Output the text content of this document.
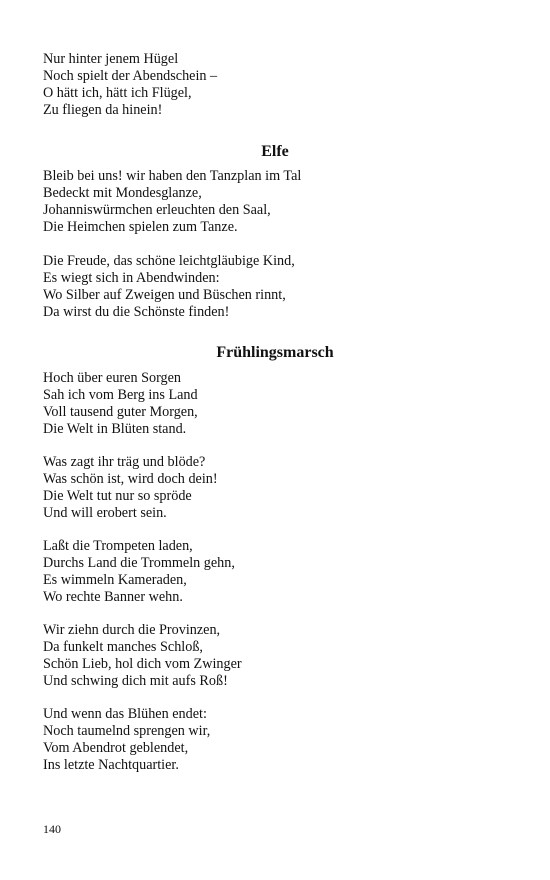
Nur hinter jenem Hügel
Noch spielt der Abendschein –
O hätt ich, hätt ich Flügel,
Zu fliegen da hinein!
Elfe
Bleib bei uns! wir haben den Tanzplan im Tal
Bedeckt mit Mondesglanze,
Johanniswürmchen erleuchten den Saal,
Die Heimchen spielen zum Tanze.
Die Freude, das schöne leichtgläubige Kind,
Es wiegt sich in Abendwinden:
Wo Silber auf Zweigen und Büschen rinnt,
Da wirst du die Schönste finden!
Frühlingsmarsch
Hoch über euren Sorgen
Sah ich vom Berg ins Land
Voll tausend guter Morgen,
Die Welt in Blüten stand.
Was zagt ihr träg und blöde?
Was schön ist, wird doch dein!
Die Welt tut nur so spröde
Und will erobert sein.
Laßt die Trompeten laden,
Durchs Land die Trommeln gehn,
Es wimmeln Kameraden,
Wo rechte Banner wehn.
Wir ziehn durch die Provinzen,
Da funkelt manches Schloß,
Schön Lieb, hol dich vom Zwinger
Und schwing dich mit aufs Roß!
Und wenn das Blühen endet:
Noch taumelnd sprengen wir,
Vom Abendrot geblendet,
Ins letzte Nachtquartier.
140
